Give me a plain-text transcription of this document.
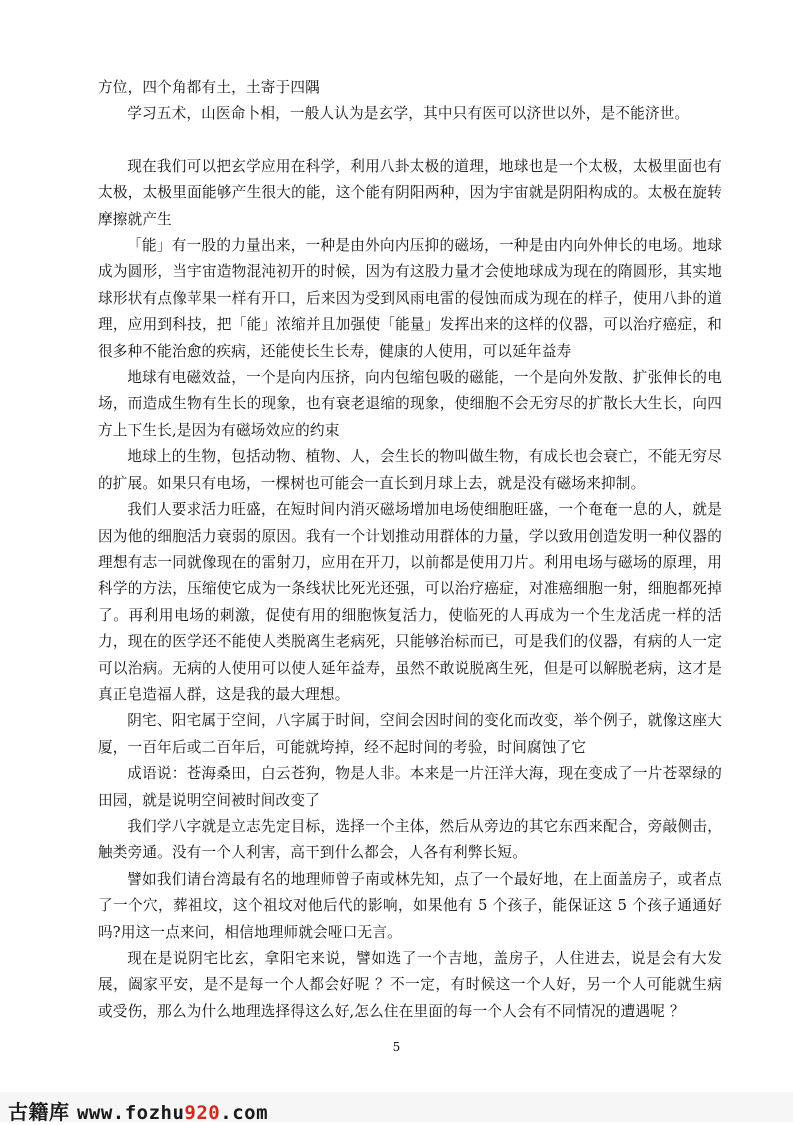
方位，四个角都有土，土寄于四隅

学习五术，山医命卜相，一般人认为是玄学，其中只有医可以济世以外，是不能济世。

现在我们可以把玄学应用在科学，利用八卦太极的道理，地球也是一个太极，太极里面也有太极，太极里面能够产生很大的能，这个能有阴阳两种，因为宇宙就是阴阳构成的。太极在旋转摩擦就产生

「能」有一股的力量出来，一种是由外向内压抑的磁场，一种是由内向外伸长的电场。地球成为圆形，当宇宙造物混沌初开的时候，因为有这股力量才会使地球成为现在的隋圆形，其实地球形状有点像苹果一样有开口，后来因为受到风雨电雷的侵蚀而成为现在的样子，使用八卦的道理，应用到科技，把「能」浓缩并且加强使「能量」发挥出来的这样的仪器，可以治疗癌症，和很多种不能治愈的疾病，还能使长生长寿，健康的人使用，可以延年益寿

地球有电磁效益，一个是向内压挤，向内包缩包吸的磁能，一个是向外发散、扩张伸长的电场，而造成生物有生长的现象，也有衰老退缩的现象，使细胞不会无穷尽的扩散长大生长，向四方上下生长,是因为有磁场效应的约束

地球上的生物，包括动物、植物、人，会生长的物叫做生物，有成长也会衰亡，不能无穷尽的扩展。如果只有电场，一棵树也可能会一直长到月球上去，就是没有磁场来抑制。

我们人要求活力旺盛，在短时间内消灭磁场增加电场使细胞旺盛，一个奄奄一息的人，就是因为他的细胞活力衰弱的原因。我有一个计划推动用群体的力量，学以致用创造发明一种仪器的理想有志一同就像现在的雷射刀，应用在开刀，以前都是使用刀片。利用电场与磁场的原理，用科学的方法，压缩使它成为一条线状比死光还强，可以治疗癌症，对准癌细胞一射，细胞都死掉了。再利用电场的刺激，促使有用的细胞恢复活力，使临死的人再成为一个生龙活虎一样的活力，现在的医学还不能使人类脱离生老病死，只能够治标而已，可是我们的仪器，有病的人一定可以治病。无病的人使用可以使人延年益寿，虽然不敢说脱离生死，但是可以解脱老病，这才是真正皂造福人群，这是我的最大理想。

阴宅、阳宅属于空间，八字属于时间，空间会因时间的变化而改变，举个例子，就像这座大厦，一百年后或二百年后，可能就垮掉，经不起时间的考验，时间腐蚀了它

成语说：苍海桑田，白云苍狗，物是人非。本来是一片汪洋大海，现在变成了一片苍翠绿的田园，就是说明空间被时间改变了

我们学八字就是立志先定目标，选择一个主体，然后从旁边的其它东西来配合，旁敲侧击，触类旁通。没有一个人利害，高干到什么都会，人各有利弊长短。

譬如我们请台湾最有名的地理师曾子南或林先知，点了一个最好地，在上面盖房子，或者点了一个穴，葬祖坟，这个祖坟对他后代的影响，如果他有 5 个孩子，能保证这 5 个孩子通通好吗?用这一点来问，相信地理师就会哑口无言。

现在是说阴宅比玄，拿阳宅来说，譬如选了一个吉地，盖房子，人住进去，说是会有大发展，阖家平安，是不是每一个人都会好呢 ？不一定，有时候这一个人好，另一个人可能就生病或受伤，那么为什么地理选择得这么好,怎么住在里面的每一个人会有不同情况的遭遇呢 ？

5
古籍库 www.fozhu920.com
